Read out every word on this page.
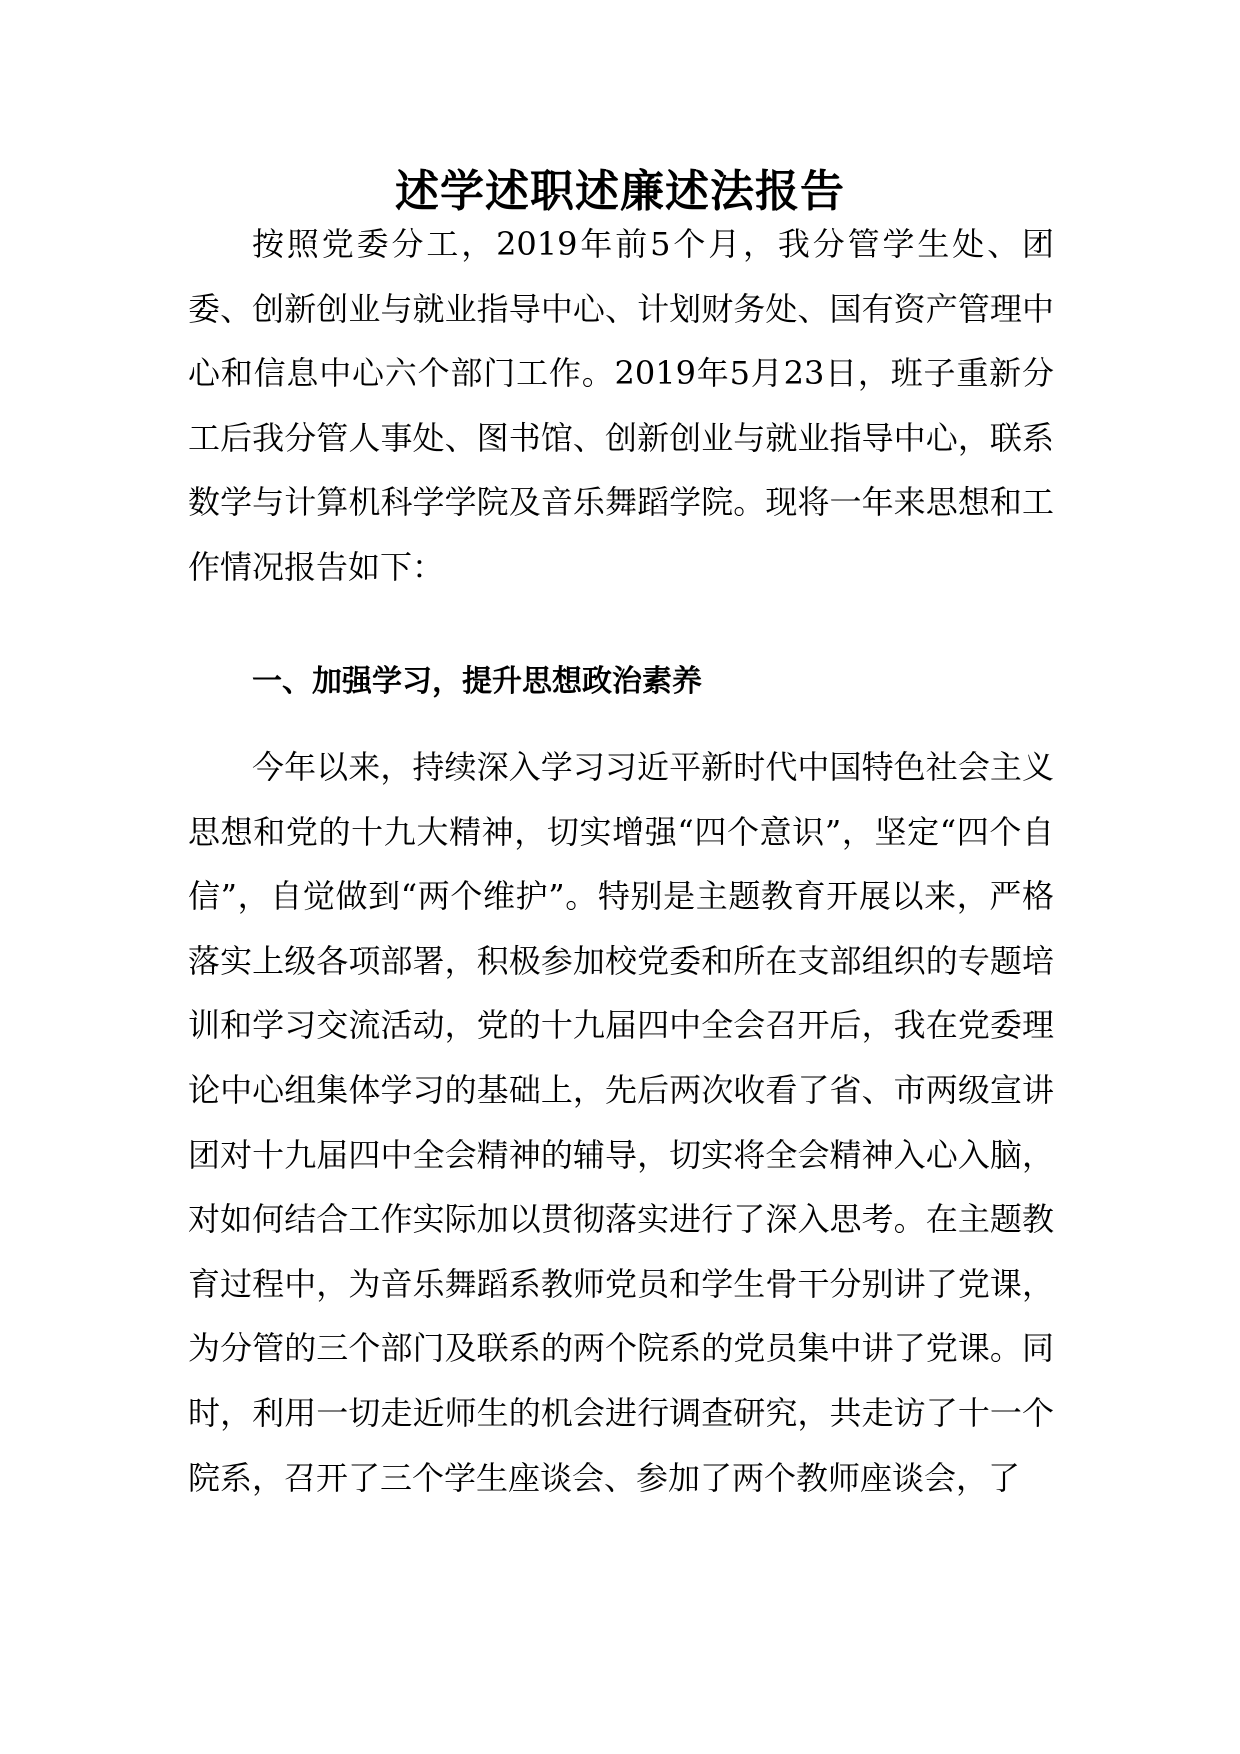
述学述职述廉述法报告

按照党委分工，2019年前5个月，我分管学生处、团委、创新创业与就业指导中心、计划财务处、国有资产管理中心和信息中心六个部门工作。2019年5月23日，班子重新分工后我分管人事处、图书馆、创新创业与就业指导中心，联系数学与计算机科学学院及音乐舞蹈学院。现将一年来思想和工作情况报告如下：

一、加强学习，提升思想政治素养

今年以来，持续深入学习习近平新时代中国特色社会主义思想和党的十九大精神，切实增强“四个意识”，坚定“四个自信”，自觉做到“两个维护”。特别是主题教育开展以来，严格落实上级各项部署，积极参加校党委和所在支部组织的专题培训和学习交流活动，党的十九届四中全会召开后，我在党委理论中心组集体学习的基础上，先后两次收看了省、市两级宣讲团对十九届四中全会精神的辅导，切实将全会精神入心入脑，对如何结合工作实际加以贯彻落实进行了深入思考。在主题教育过程中，为音乐舞蹈系教师党员和学生骨干分别讲了党课，为分管的三个部门及联系的两个院系的党员集中讲了党课。同时，利用一切走近师生的机会进行调查研究，共走访了十一个院系，召开了三个学生座谈会、参加了两个教师座谈会，了
